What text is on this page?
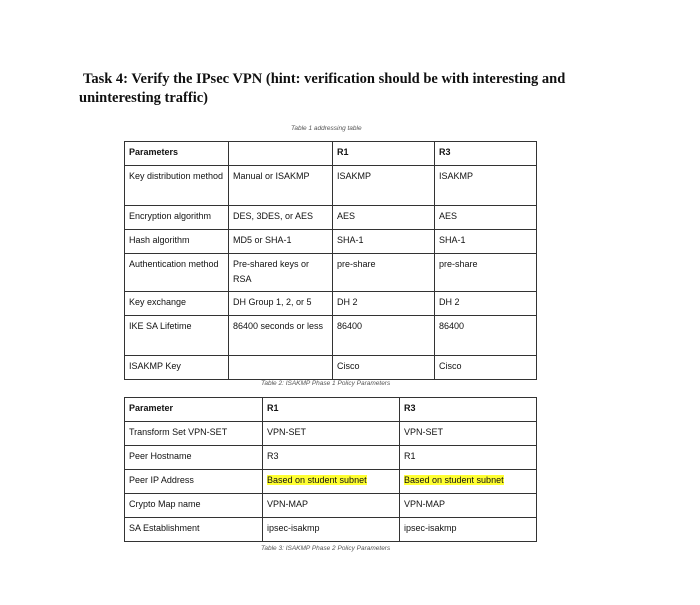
Task 4: Verify the IPsec VPN (hint: verification should be with interesting and
uninteresting traffic)
Table 1 addressing table
Parameters		R1	R3
Key distribution method	Manual or ISAKMP	ISAKMP	ISAKMP
Encryption algorithm	DES, 3DES, or AES	AES	AES
Hash algorithm	MD5 or SHA-1	SHA-1	SHA-1
Authentication method	Pre-shared keys or RSA	pre-share	pre-share
Key exchange	DH Group 1, 2, or 5	DH 2	DH 2
IKE SA Lifetime	86400 seconds or less	86400	86400
ISAKMP Key		Cisco	Cisco
Table 2: ISAKMP Phase 1 Policy Parameters
Parameter	R1	R3
Transform Set VPN-SET	VPN-SET	VPN-SET
Peer Hostname	R3	R1
Peer IP Address	Based on student subnet	Based on student subnet
Crypto Map name	VPN-MAP	VPN-MAP
SA Establishment	ipsec-isakmp	ipsec-isakmp
Table 3: ISAKMP Phase 2 Policy Parameters
